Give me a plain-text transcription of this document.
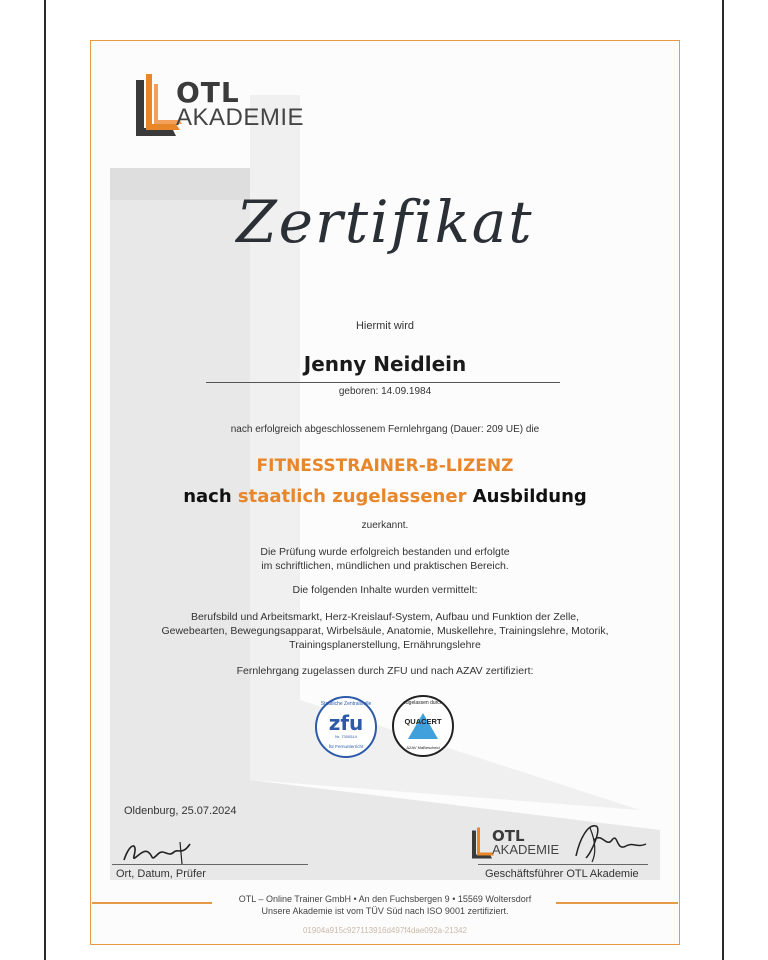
OTL
AKADEMIE
Zertifikat
Hiermit wird
Jenny Neidlein
geboren: 14.09.1984
nach erfolgreich abgeschlossenem Fernlehrgang (Dauer: 209 UE) die
FITNESSTRAINER-B-LIZENZ
nach staatlich zugelassener Ausbildung
zuerkannt.
Die Prüfung wurde erfolgreich bestanden und erfolgte
im schriftlichen, mündlichen und praktischen Bereich.
Die folgenden Inhalte wurden vermittelt:
Berufsbild und Arbeitsmarkt, Herz-Kreislauf-System, Aufbau und Funktion der Zelle,
Gewebearten, Bewegungsapparat, Wirbelsäule, Anatomie, Muskellehre, Trainingslehre, Motorik,
Trainingsplanerstellung, Ernährungslehre
Fernlehrgang zugelassen durch ZFU und nach AZAV zertifiziert:
Staatliche Zentralstelle
zfu
Nr. 7300514
für Fernunterricht
zugelassen durch
QUACERT
AZAV MaBescheid
Oldenburg, 25.07.2024
Ort, Datum, Prüfer
OTL
AKADEMIE
Geschäftsführer OTL Akademie
OTL – Online Trainer GmbH • An den Fuchsbergen 9 • 15569 Woltersdorf
Unsere Akademie ist vom TÜV Süd nach ISO 9001 zertifiziert.
01904a915c9271139​16d497f4dae092a-21342
